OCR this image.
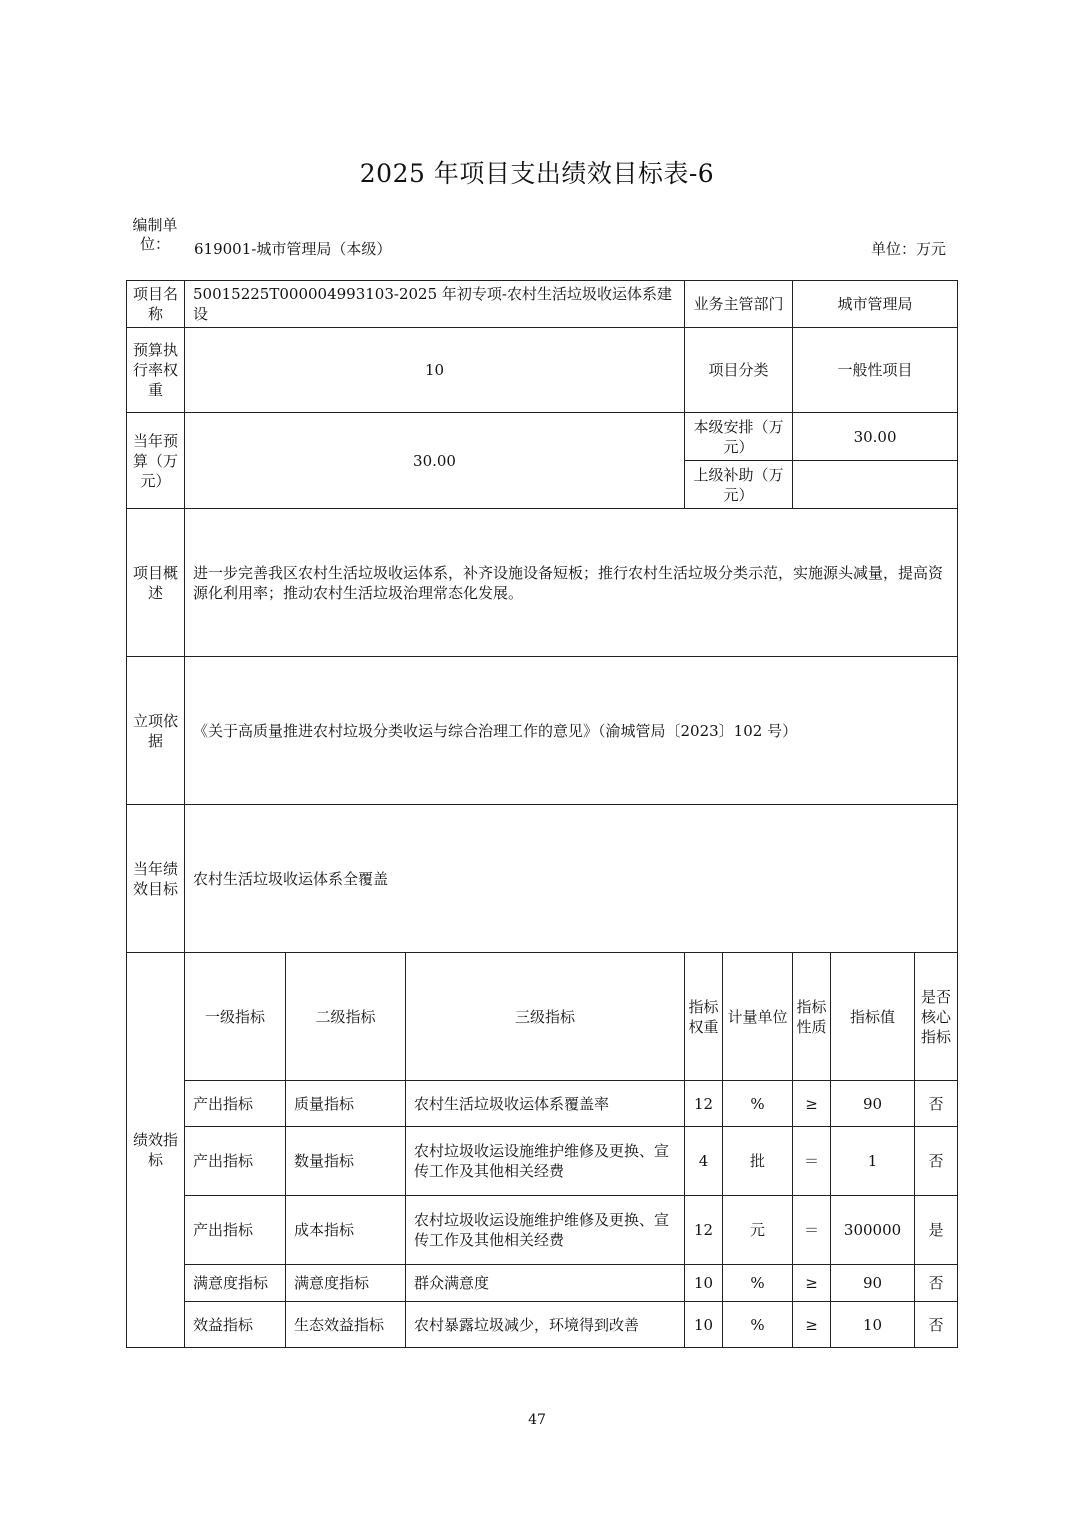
2025 年项目支出绩效目标表-6
编制单位：	619001-城市管理局（本级）	单位：万元
项目名称	50015225T000004993103-2025 年初专项-农村生活垃圾收运体系建设			业务主管部门		城市管理局		
预算执行率权重	10			项目分类		一般性项目		
当年预算（万元）	30.00			本级安排（万元）		30.00		
				上级补助（万元）				
项目概述	进一步完善我区农村生活垃圾收运体系，补齐设施设备短板；推行农村生活垃圾分类示范，实施源头减量，提高资源化利用率；推动农村生活垃圾治理常态化发展。							
立项依据	《关于高质量推进农村垃圾分类收运与综合治理工作的意见》（渝城管局〔2023〕102 号）							
当年绩效目标	农村生活垃圾收运体系全覆盖							
绩效指标	一级指标	二级指标	三级指标	指标权重	计量单位	指标性质	指标值	是否核心指标
	产出指标	质量指标	农村生活垃圾收运体系覆盖率	12	%	≥	90	否
	产出指标	数量指标	农村垃圾收运设施维护维修及更换、宣传工作及其他相关经费	4	批	＝	1	否
	产出指标	成本指标	农村垃圾收运设施维护维修及更换、宣传工作及其他相关经费	12	元	＝	300000	是
	满意度指标	满意度指标	群众满意度	10	%	≥	90	否
	效益指标	生态效益指标	农村暴露垃圾减少，环境得到改善	10	%	≥	10	否
47
